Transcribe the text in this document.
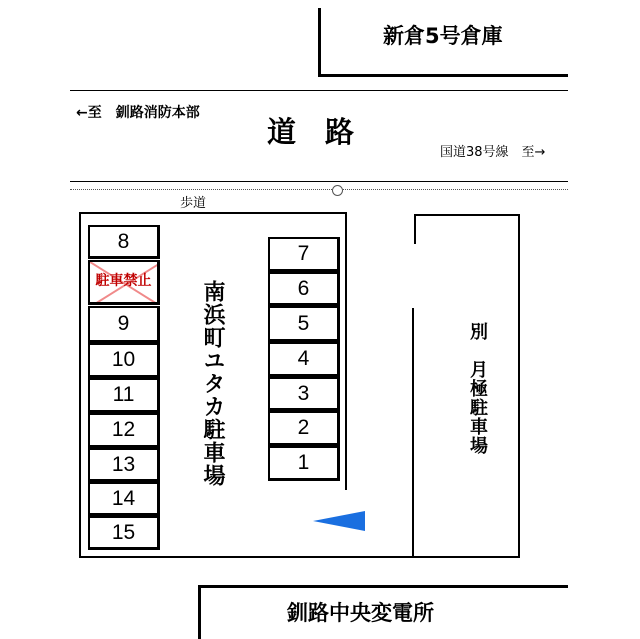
新倉5号倉庫
←至　釧路消防本部
道　路
国道38号線　至→
歩道
8
駐車禁止
9
10
11
12
13
14
15
7
6
5
4
3
2
1
南浜町ユタカ駐車場	別　月極駐車場
釧路中央変電所
